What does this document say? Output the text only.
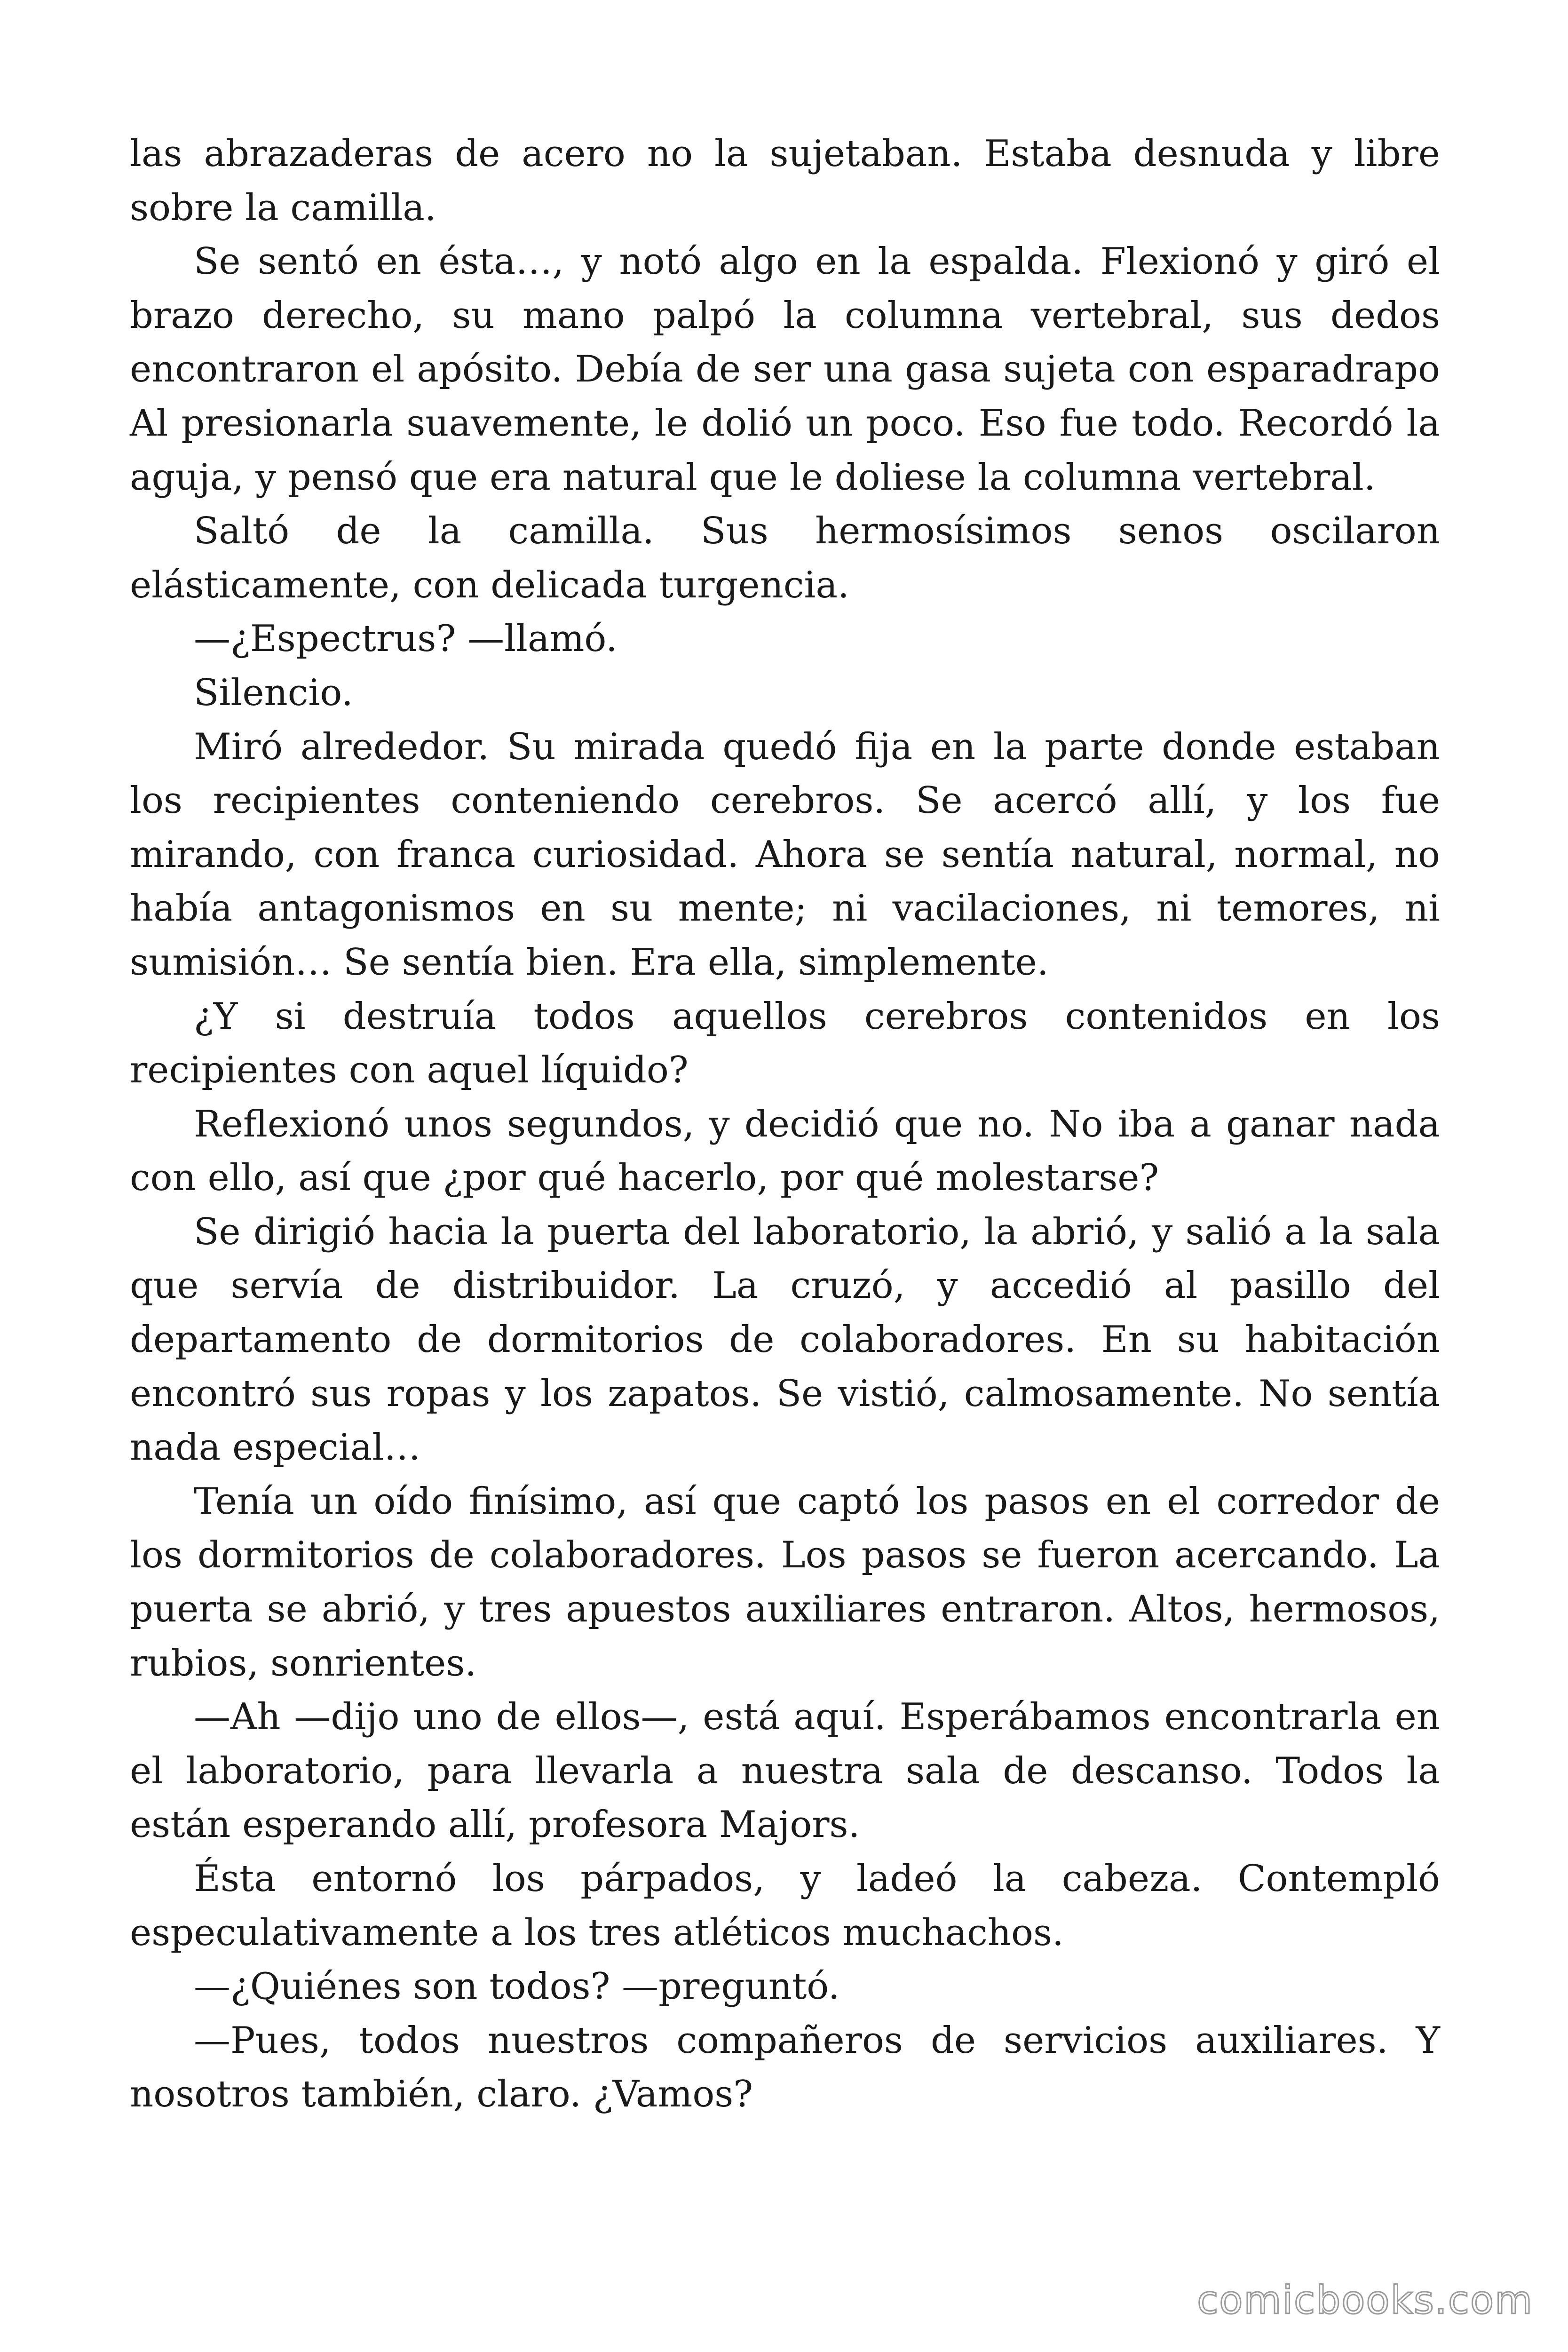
las abrazaderas de acero no la sujetaban. Estaba desnuda y libre sobre la camilla.

Se sentó en ésta…, y notó algo en la espalda. Flexionó y giró el brazo derecho, su mano palpó la columna vertebral, sus dedos encontraron el apósito. Debía de ser una gasa sujeta con esparadrapo Al presionarla suavemente, le dolió un poco. Eso fue todo. Recordó la aguja, y pensó que era natural que le doliese la columna vertebral.

Saltó de la camilla. Sus hermosísimos senos oscilaron elásticamente, con delicada turgencia.

—¿Espectrus? —llamó.

Silencio.

Miró alrededor. Su mirada quedó fija en la parte donde estaban los recipientes conteniendo cerebros. Se acercó allí, y los fue mirando, con franca curiosidad. Ahora se sentía natural, normal, no había antagonismos en su mente; ni vacilaciones, ni temores, ni sumisión… Se sentía bien. Era ella, simplemente.

¿Y si destruía todos aquellos cerebros contenidos en los recipientes con aquel líquido?

Reflexionó unos segundos, y decidió que no. No iba a ganar nada con ello, así que ¿por qué hacerlo, por qué molestarse?

Se dirigió hacia la puerta del laboratorio, la abrió, y salió a la sala que servía de distribuidor. La cruzó, y accedió al pasillo del departamento de dormitorios de colaboradores. En su habitación encontró sus ropas y los zapatos. Se vistió, calmosamente. No sentía nada especial…

Tenía un oído finísimo, así que captó los pasos en el corredor de los dormitorios de colaboradores. Los pasos se fueron acercando. La puerta se abrió, y tres apuestos auxiliares entraron. Altos, hermosos, rubios, sonrientes.

—Ah —dijo uno de ellos—, está aquí. Esperábamos encontrarla en el laboratorio, para llevarla a nuestra sala de descanso. Todos la están esperando allí, profesora Majors.

Ésta entornó los párpados, y ladeó la cabeza. Contempló especulativamente a los tres atléticos muchachos.

—¿Quiénes son todos? —preguntó.

—Pues, todos nuestros compañeros de servicios auxiliares. Y nosotros también, claro. ¿Vamos?

comicbooks.com
